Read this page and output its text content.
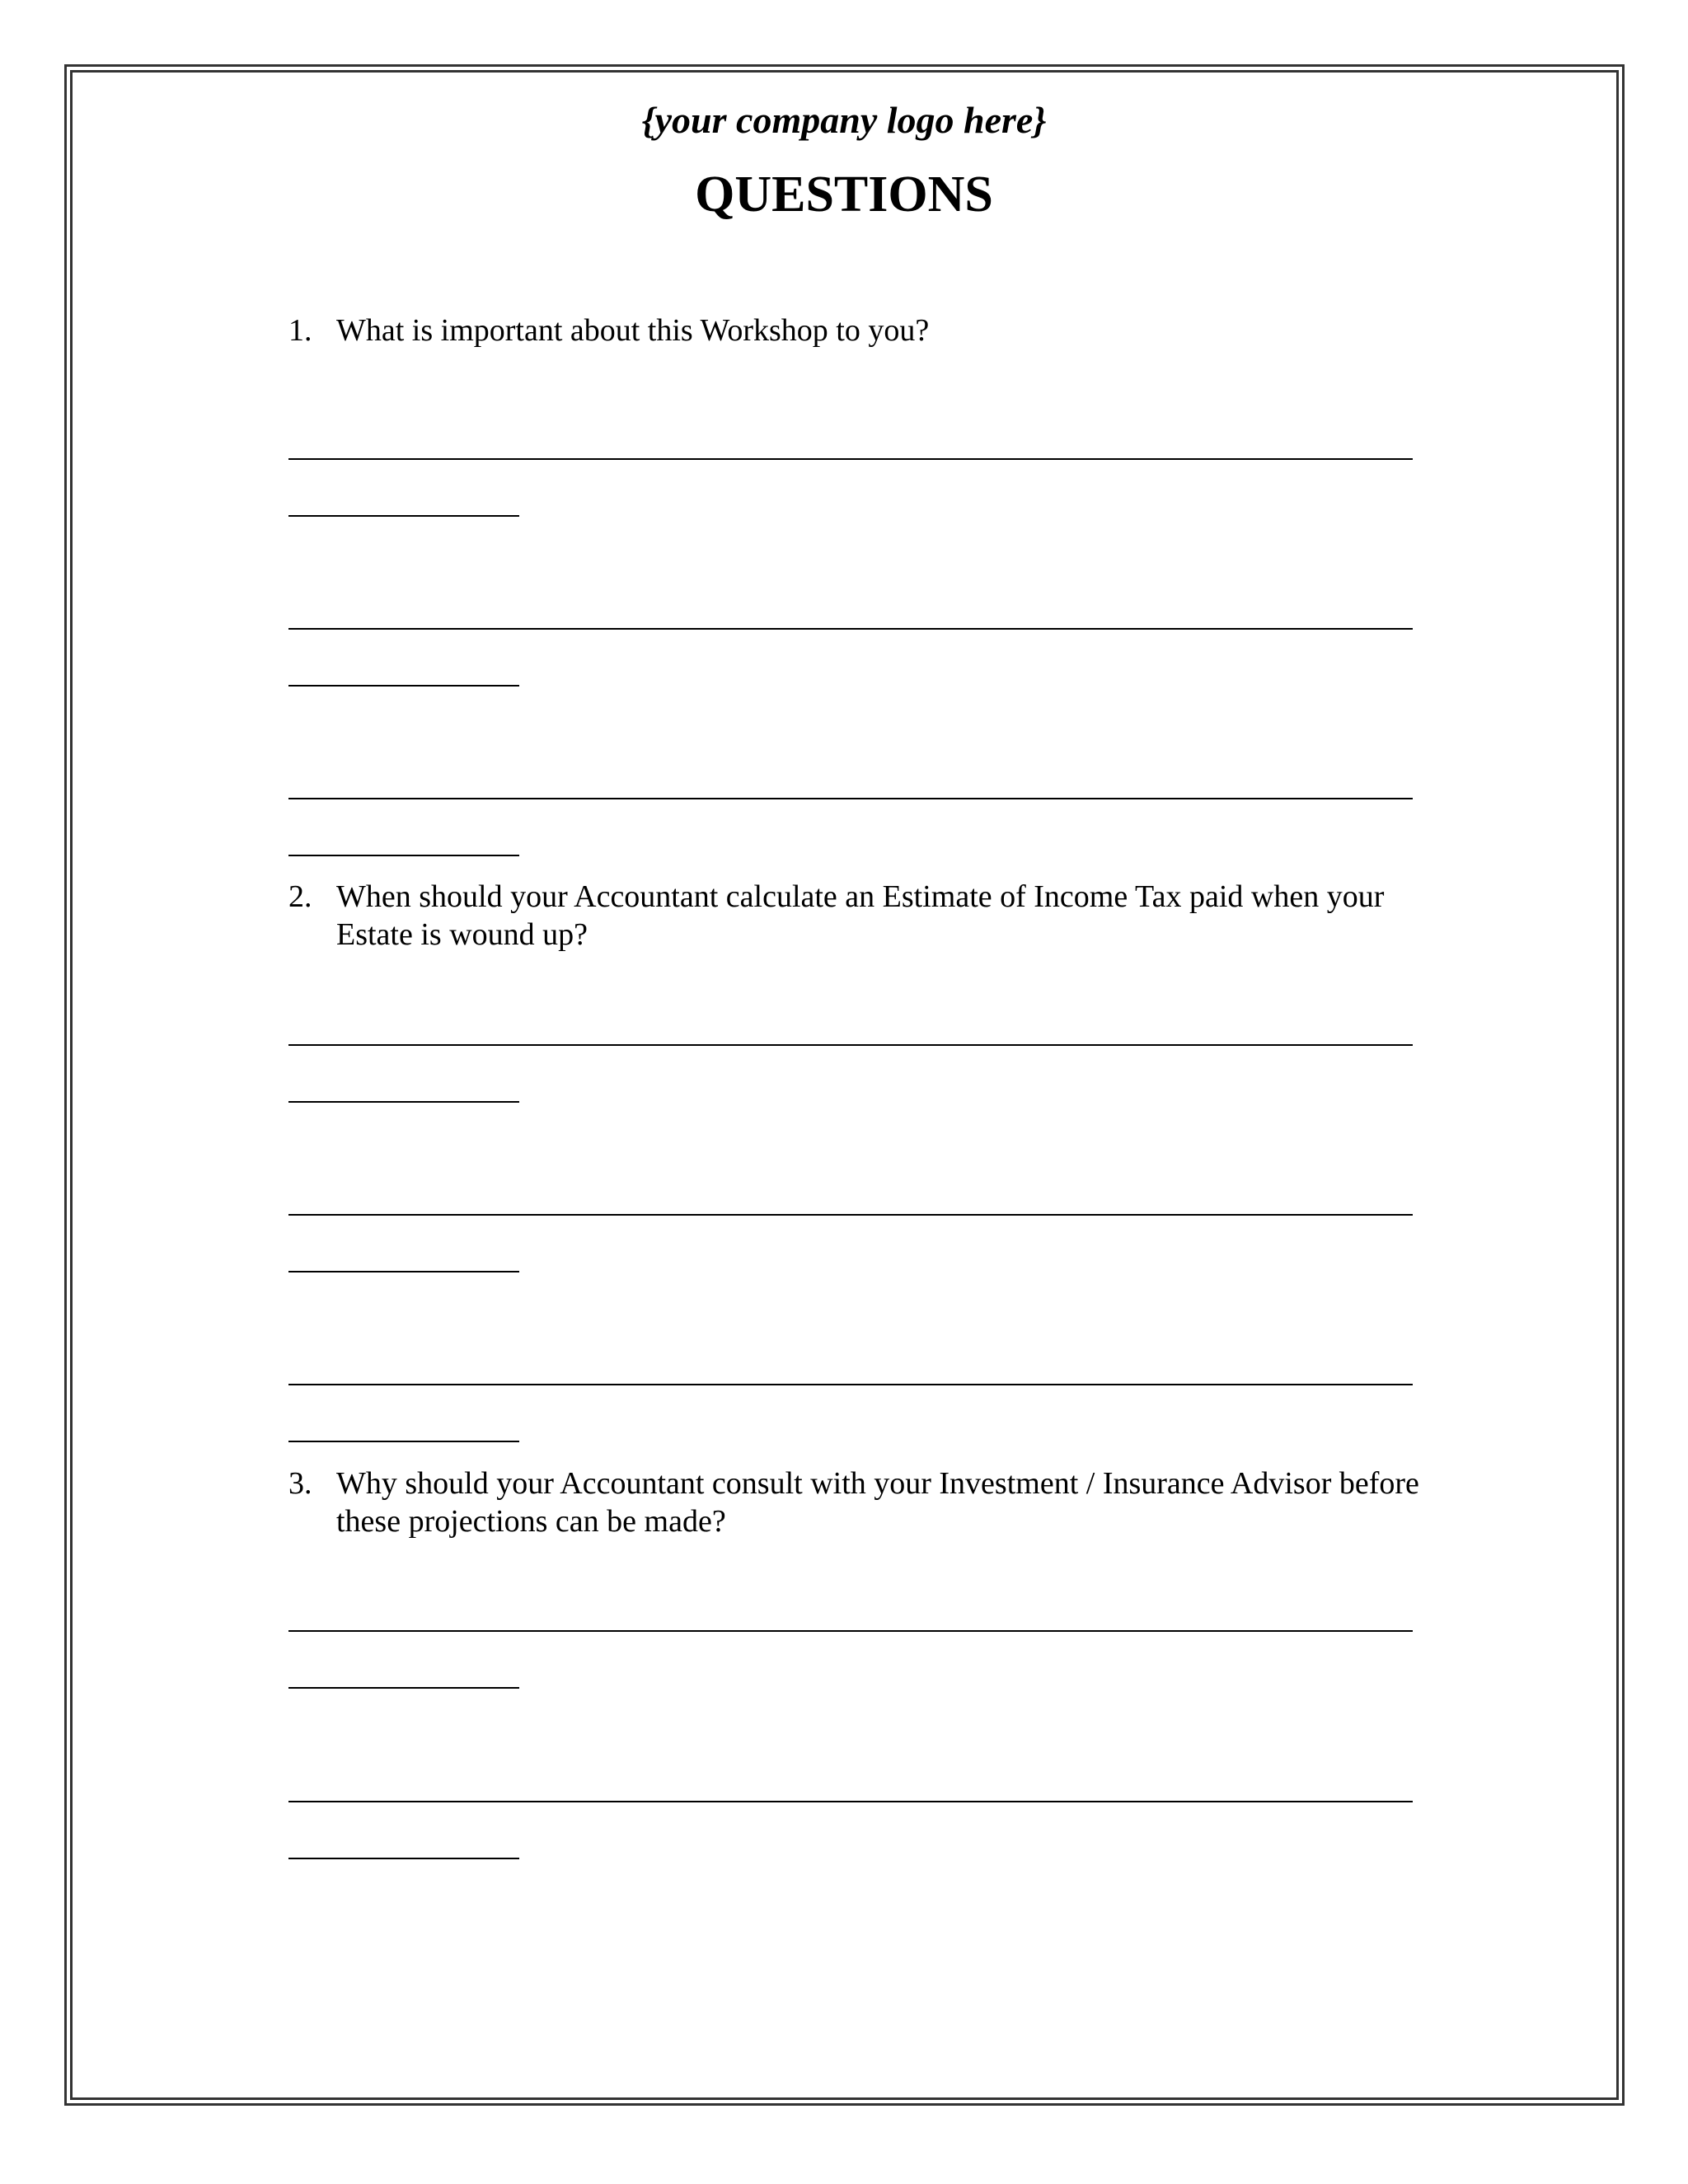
{your company logo here}
QUESTIONS
1. What is important about this Workshop to you?
2. When should your Accountant calculate an Estimate of Income Tax paid when your Estate is wound up?
3. Why should your Accountant consult with your Investment / Insurance Advisor before these projections can be made?
